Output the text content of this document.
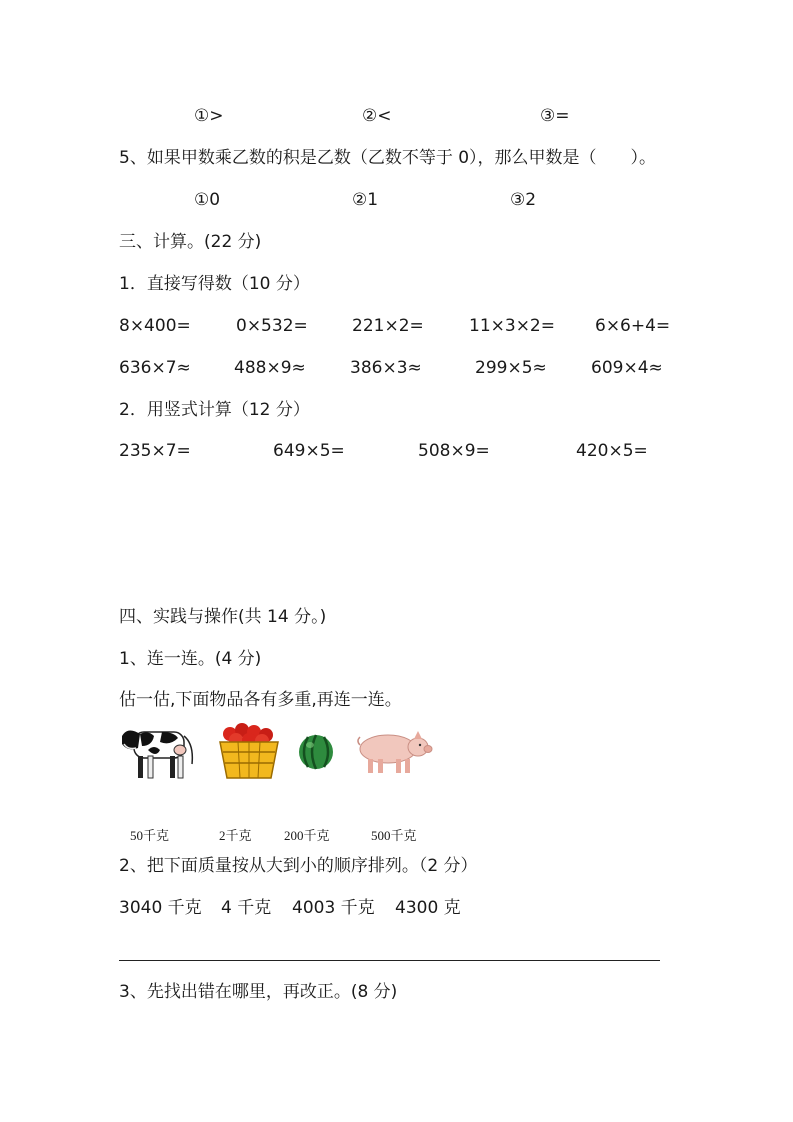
①>	②<	③=
5、如果甲数乘乙数的积是乙数（乙数不等于 0），那么甲数是（　　）。
①0	②1	③2
三、计算。(22 分)
1．直接写得数（10 分）
8×400=	0×532=	221×2=	11×3×2= 6×6+4=
636×7≈	488×9≈	386×3≈	299×5≈	609×4≈
2．用竖式计算（12 分）
235×7=	649×5=	508×9=	420×5=
四、实践与操作(共 14 分。)
1、连一连。(4 分)
估一估,下面物品各有多重,再连一连。
50千克	2千克 200千克	500千克
2、把下面质量按从大到小的顺序排列。（2 分）
3040 千克 4 千克 4003 千克 4300 克
3、先找出错在哪里，再改正。(8 分)
